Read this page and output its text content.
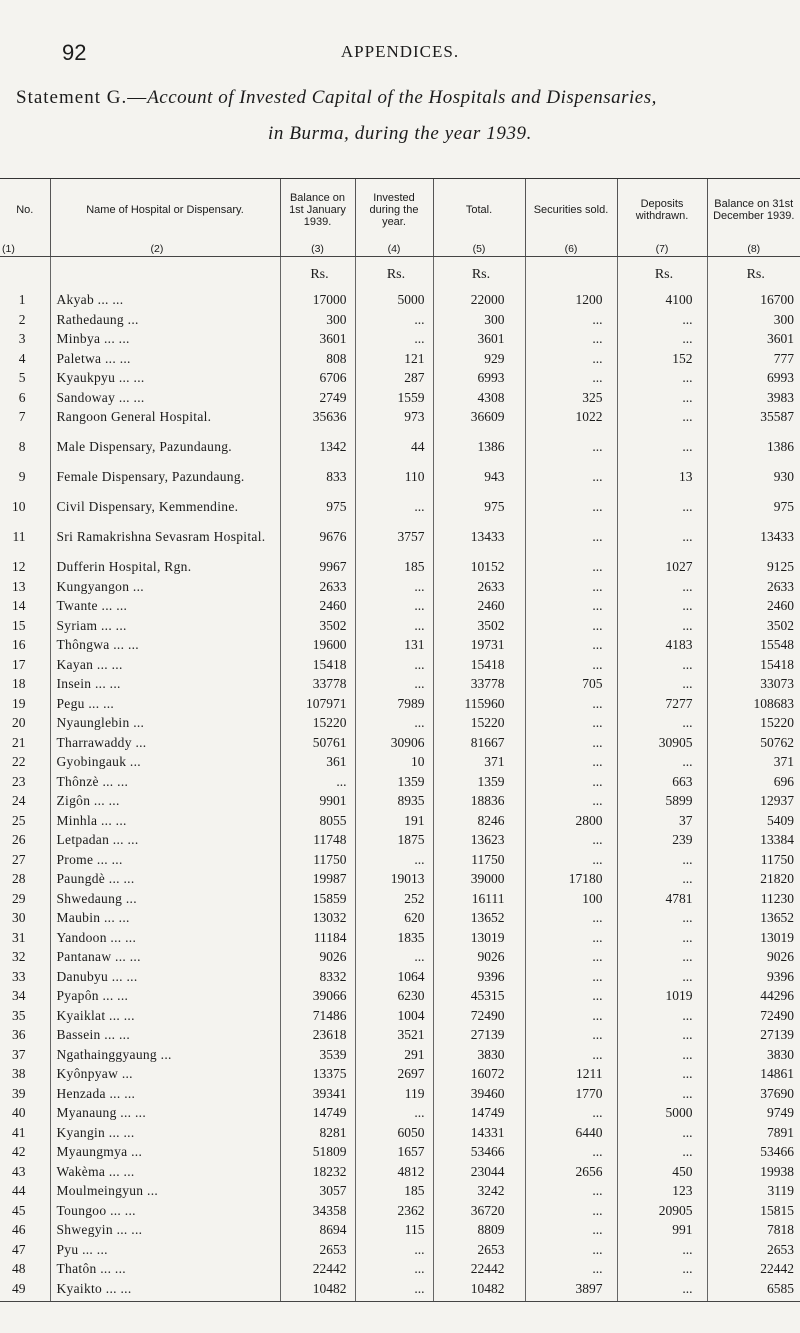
92	APPENDICES.
Statement G.—Account of Invested Capital of the Hospitals and Dispensaries,
in Burma, during the year 1939.
No.	Name of Hospital or Dispensary.	Balance on 1st January 1939.	Invested during the year.	Total.	Securities sold.	Deposits withdrawn.	Balance on 31st December 1939.
(1)	(2)	(3)	(4)	(5)	(6)	(7)	(8)
		Rs.	Rs.	Rs.		Rs.	Rs.
1	Akyab ... ...	17000	5000	22000	1200	4100	16700
2	Rathedaung ...	300	...	300	...	...	300
3	Minbya ... ...	3601	...	3601	...	...	3601
4	Paletwa ... ...	808	121	929	...	152	777
5	Kyaukpyu ... ...	6706	287	6993	...	...	6993
6	Sandoway ... ...	2749	1559	4308	325	...	3983
7	Rangoon General Hospital.	35636	973	36609	1022	...	35587
8	Male Dispensary, Pazundaung.	1342	44	1386	...	...	1386
9	Female Dispensary, Pazundaung.	833	110	943	...	13	930
10	Civil Dispensary, Kemmendine.	975	...	975	...	...	975
11	Sri Ramakrishna Sevasram Hospital.	9676	3757	13433	...	...	13433
12	Dufferin Hospital, Rgn.	9967	185	10152	...	1027	9125
13	Kungyangon ...	2633	...	2633	...	...	2633
14	Twante ... ...	2460	...	2460	...	...	2460
15	Syriam ... ...	3502	...	3502	...	...	3502
16	Thôngwa ... ...	19600	131	19731	...	4183	15548
17	Kayan ... ...	15418	...	15418	...	...	15418
18	Insein ... ...	33778	...	33778	705	...	33073
19	Pegu ... ...	107971	7989	115960	...	7277	108683
20	Nyaunglebin ...	15220	...	15220	...	...	15220
21	Tharrawaddy ...	50761	30906	81667	...	30905	50762
22	Gyobingauk ...	361	10	371	...	...	371
23	Thônzè ... ...	...	1359	1359	...	663	696
24	Zigôn ... ...	9901	8935	18836	...	5899	12937
25	Minhla ... ...	8055	191	8246	2800	37	5409
26	Letpadan ... ...	11748	1875	13623	...	239	13384
27	Prome ... ...	11750	...	11750	...	...	11750
28	Paungdè ... ...	19987	19013	39000	17180	...	21820
29	Shwedaung ...	15859	252	16111	100	4781	11230
30	Maubin ... ...	13032	620	13652	...	...	13652
31	Yandoon ... ...	11184	1835	13019	...	...	13019
32	Pantanaw ... ...	9026	...	9026	...	...	9026
33	Danubyu ... ...	8332	1064	9396	...	...	9396
34	Pyapôn ... ...	39066	6230	45315	...	1019	44296
35	Kyaiklat ... ...	71486	1004	72490	...	...	72490
36	Bassein ... ...	23618	3521	27139	...	...	27139
37	Ngathainggyaung ...	3539	291	3830	...	...	3830
38	Kyônpyaw ...	13375	2697	16072	1211	...	14861
39	Henzada ... ...	39341	119	39460	1770	...	37690
40	Myanaung ... ...	14749	...	14749	...	5000	9749
41	Kyangin ... ...	8281	6050	14331	6440	...	7891
42	Myaungmya ...	51809	1657	53466	...	...	53466
43	Wakèma ... ...	18232	4812	23044	2656	450	19938
44	Moulmeingyun ...	3057	185	3242	...	123	3119
45	Toungoo ... ...	34358	2362	36720	...	20905	15815
46	Shwegyin ... ...	8694	115	8809	...	991	7818
47	Pyu ... ...	2653	...	2653	...	...	2653
48	Thatôn ... ...	22442	...	22442	...	...	22442
49	Kyaikto ... ...	10482	...	10482	3897	...	6585
